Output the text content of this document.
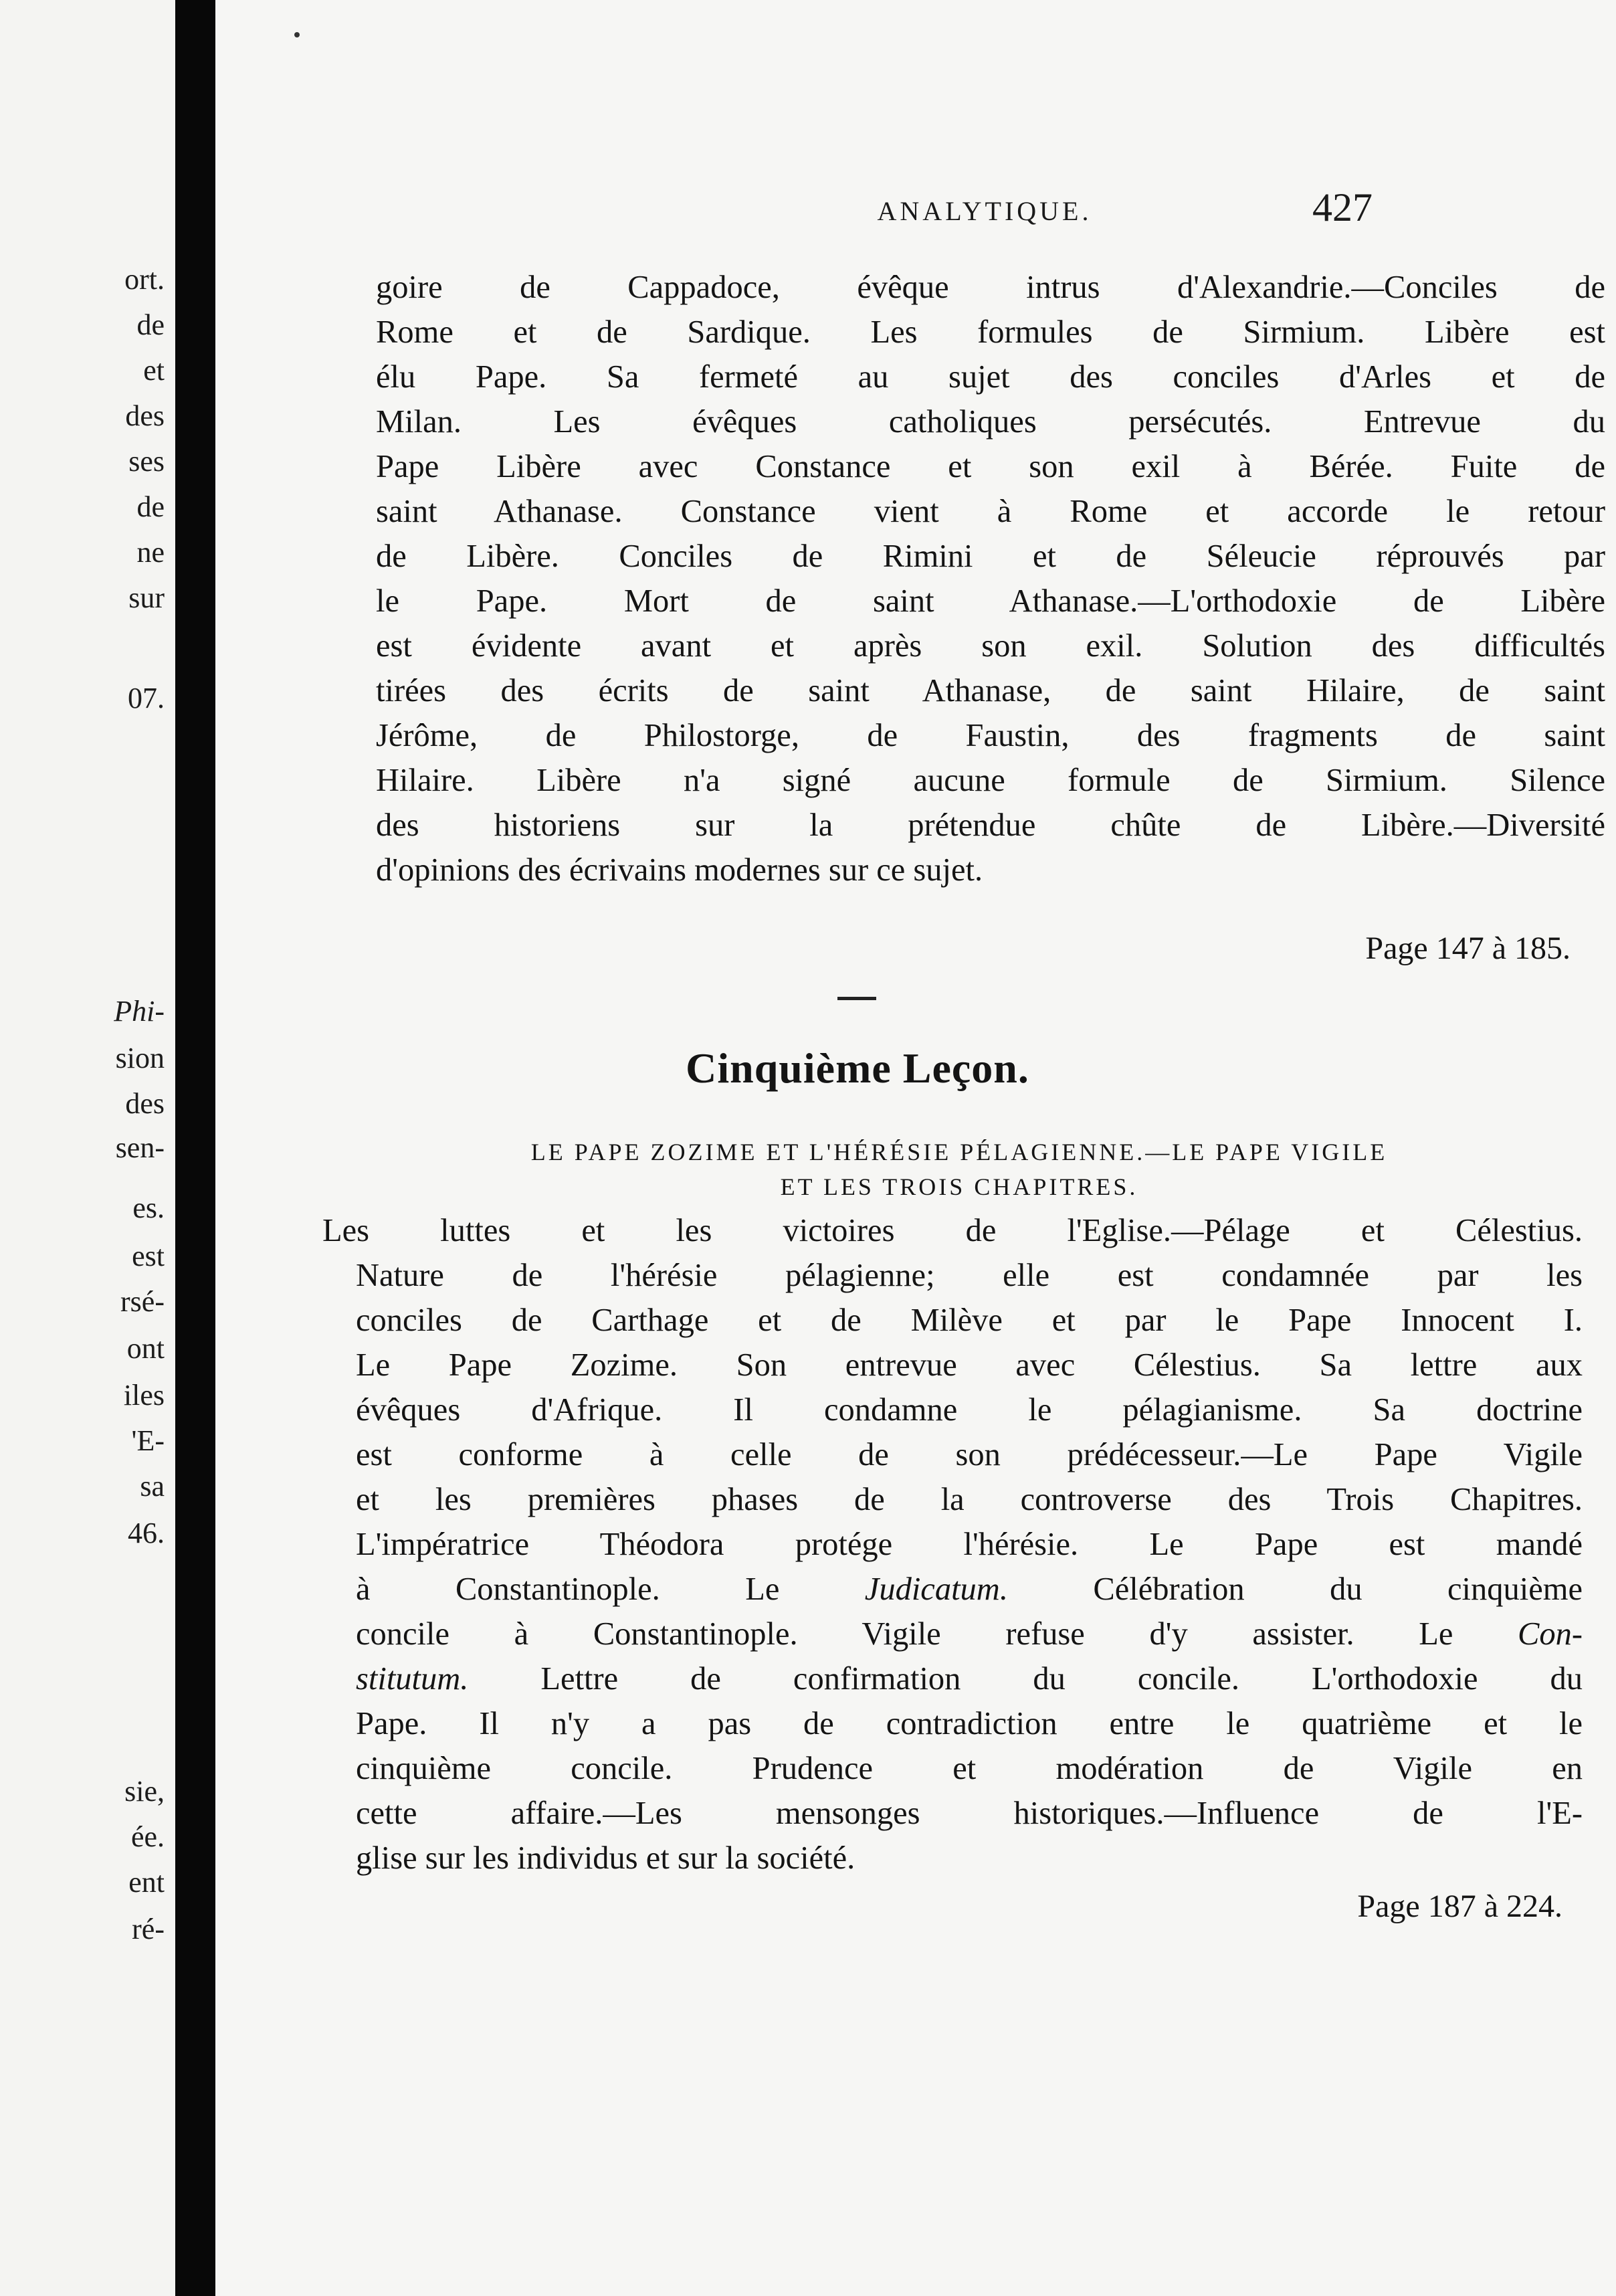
ort.
de
et
des
ses
de
ne
sur
07.
Phi-
sion
des
sen-
es.
est
rsé-
ont
iles
'E-
sa
46.
sie,
ée.
ent
ré-
ANALYTIQUE.	427
goire de Cappadoce, évêque intrus d'Alexandrie.—Conciles de
Rome et de Sardique. Les formules de Sirmium. Libère est
élu Pape. Sa fermeté au sujet des conciles d'Arles et de
Milan. Les évêques catholiques persécutés. Entrevue du
Pape Libère avec Constance et son exil à Bérée. Fuite de
saint Athanase. Constance vient à Rome et accorde le retour
de Libère. Conciles de Rimini et de Séleucie réprouvés par
le Pape. Mort de saint Athanase.—L'orthodoxie de Libère
est évidente avant et après son exil. Solution des difficultés
tirées des écrits de saint Athanase, de saint Hilaire, de saint
Jérôme, de Philostorge, de Faustin, des fragments de saint
Hilaire. Libère n'a signé aucune formule de Sirmium. Silence
des historiens sur la prétendue chûte de Libère.—Diversité
d'opinions des écrivains modernes sur ce sujet.
Page 147 à 185.
Cinquième Leçon.
LE PAPE ZOZIME ET L'HÉRÉSIE PÉLAGIENNE.—LE PAPE VIGILE
ET LES TROIS CHAPITRES.
Les luttes et les victoires de l'Eglise.—Pélage et Célestius.
Nature de l'hérésie pélagienne; elle est condamnée par les
conciles de Carthage et de Milève et par le Pape Innocent I.
Le Pape Zozime. Son entrevue avec Célestius. Sa lettre aux
évêques d'Afrique. Il condamne le pélagianisme. Sa doctrine
est conforme à celle de son prédécesseur.—Le Pape Vigile
et les premières phases de la controverse des Trois Chapitres.
L'impératrice Théodora protége l'hérésie. Le Pape est mandé
à Constantinople. Le	Judicatum. Célébration du cinquième
concile à Constantinople. Vigile refuse d'y assister. Le Con-
stitutum. Lettre de confirmation du concile. L'orthodoxie du
Pape. Il n'y a pas de contradiction entre le quatrième et le
cinquième concile. Prudence et modération de Vigile en
cette affaire.—Les mensonges historiques.—Influence de l'E-
glise sur les individus et sur la société.
Page 187 à 224.
